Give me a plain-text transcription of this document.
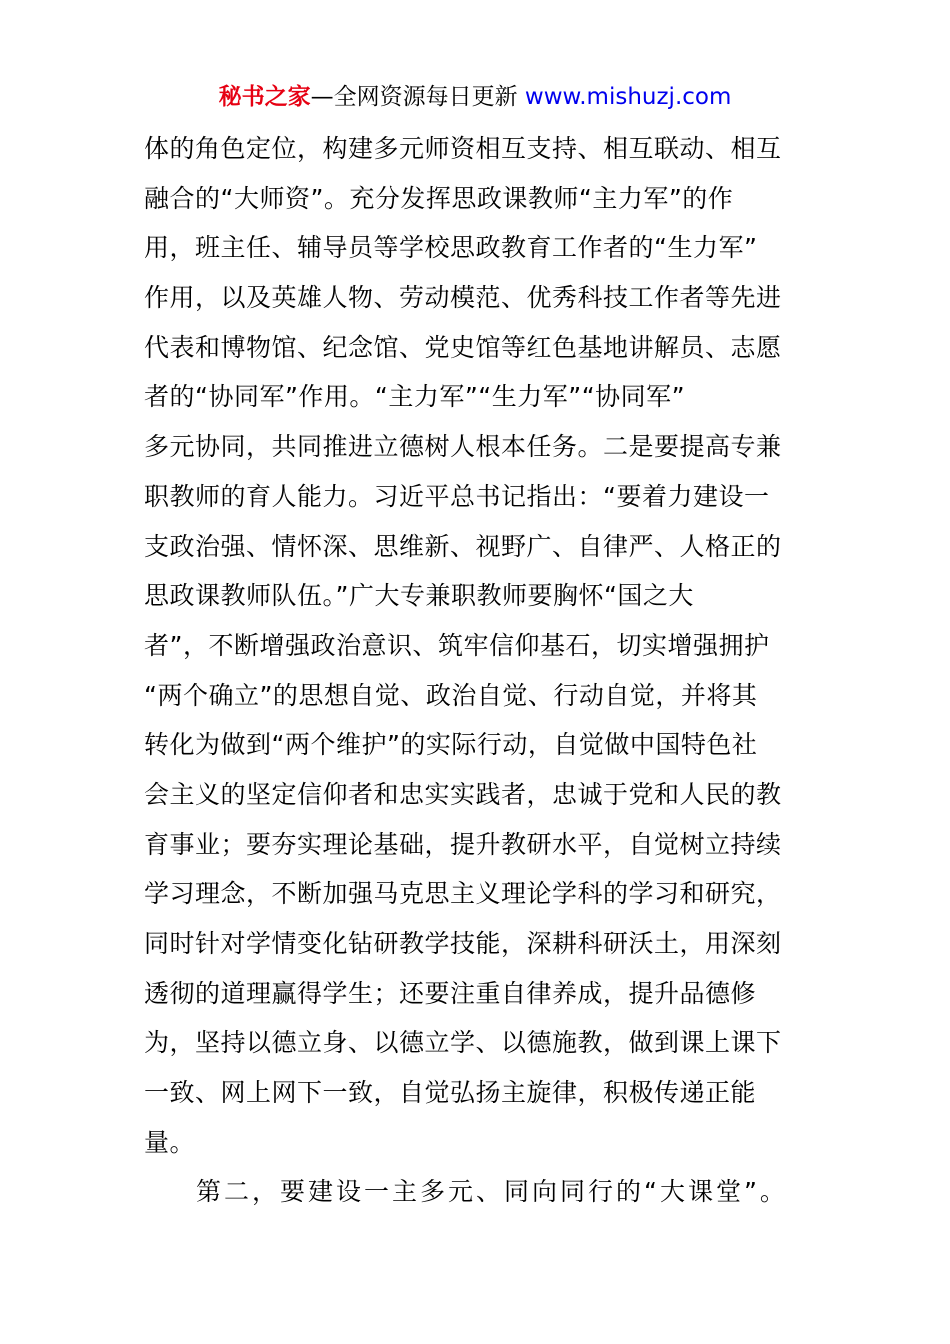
秘书之家—全网资源每日更新 www.mishuzj.com
体的角色定位，构建多元师资相互支持、相互联动、相互
融合的“大师资”。充分发挥思政课教师“主力军”的作
用，班主任、辅导员等学校思政教育工作者的“生力军”
作用，以及英雄人物、劳动模范、优秀科技工作者等先进
代表和博物馆、纪念馆、党史馆等红色基地讲解员、志愿
者的“协同军”作用。“主力军”“生力军”“协同军”
多元协同，共同推进立德树人根本任务。二是要提高专兼
职教师的育人能力。习近平总书记指出：“要着力建设一
支政治强、情怀深、思维新、视野广、自律严、人格正的
思政课教师队伍。”广大专兼职教师要胸怀“国之大
者”，不断增强政治意识、筑牢信仰基石，切实增强拥护
“两个确立”的思想自觉、政治自觉、行动自觉，并将其
转化为做到“两个维护”的实际行动，自觉做中国特色社
会主义的坚定信仰者和忠实实践者，忠诚于党和人民的教
育事业；要夯实理论基础，提升教研水平，自觉树立持续
学习理念，不断加强马克思主义理论学科的学习和研究，
同时针对学情变化钻研教学技能，深耕科研沃土，用深刻
透彻的道理赢得学生；还要注重自律养成，提升品德修
为，坚持以德立身、以德立学、以德施教，做到课上课下
一致、网上网下一致，自觉弘扬主旋律，积极传递正能
量。
第二，要建设一主多元、同向同行的“大课堂”。
